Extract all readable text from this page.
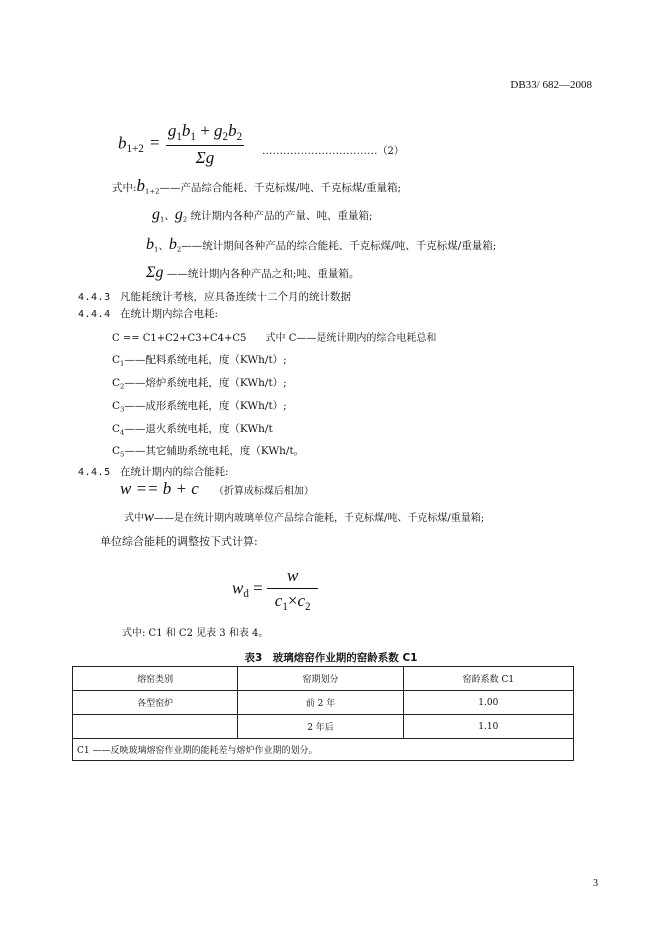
DB33/ 682—2008
$b_{1+2} = \frac{g_1b_1 + g_2b_2}{\Sigma g}$ ……………………………（2）
式中$:b_{1+2}——$产品综合能耗、千克标煤/吨、千克标煤/重量箱;
$g_1$、$g_2$ 统计期内各种产品的产量、吨、重量箱;
$b_1$、$b_2——$统计期间各种产品的综合能耗、千克标煤/吨、千克标煤/重量箱;
Σg ——统计期内各种产品之和;吨、重量箱。
4.4.3 凡能耗统计考核，应具备连续十二个月的统计数据
4.4.4 在统计期内综合电耗:
C == C1+C2+C3+C4+C5 式中 C——是统计期内的综合电耗总和
$C_1——$配料系统电耗，度（KWh/t）;
$C_2——$熔炉系统电耗，度（KWh/t）;
$C_3——$成形系统电耗，度（KWh/t）;
$C_4——$退火系统电耗，度（KWh/t
$C_5——$其它辅助系统电耗，度（KWh/t。
4.4.5 在统计期内的综合能耗:
w == b + c （折算成标煤后相加）
式中w——是在统计期内玻璃单位产品综合能耗，千克标煤/吨、千克标煤/重量箱;
单位综合能耗的调整按下式计算:
$w_d = \frac{w}{c_1\times c_2}$
式中: C1 和 C2 见表 3 和表 4。
表3　玻璃熔窑作业期的窑龄系数 C1
熔窑类别	窑期划分	窑龄系数 C1
各型窑炉	前 2 年	1.00
	2 年后	1.10
C1 ——反映玻璃熔窑作业期的能耗差与熔炉作业期的划分。		
3
